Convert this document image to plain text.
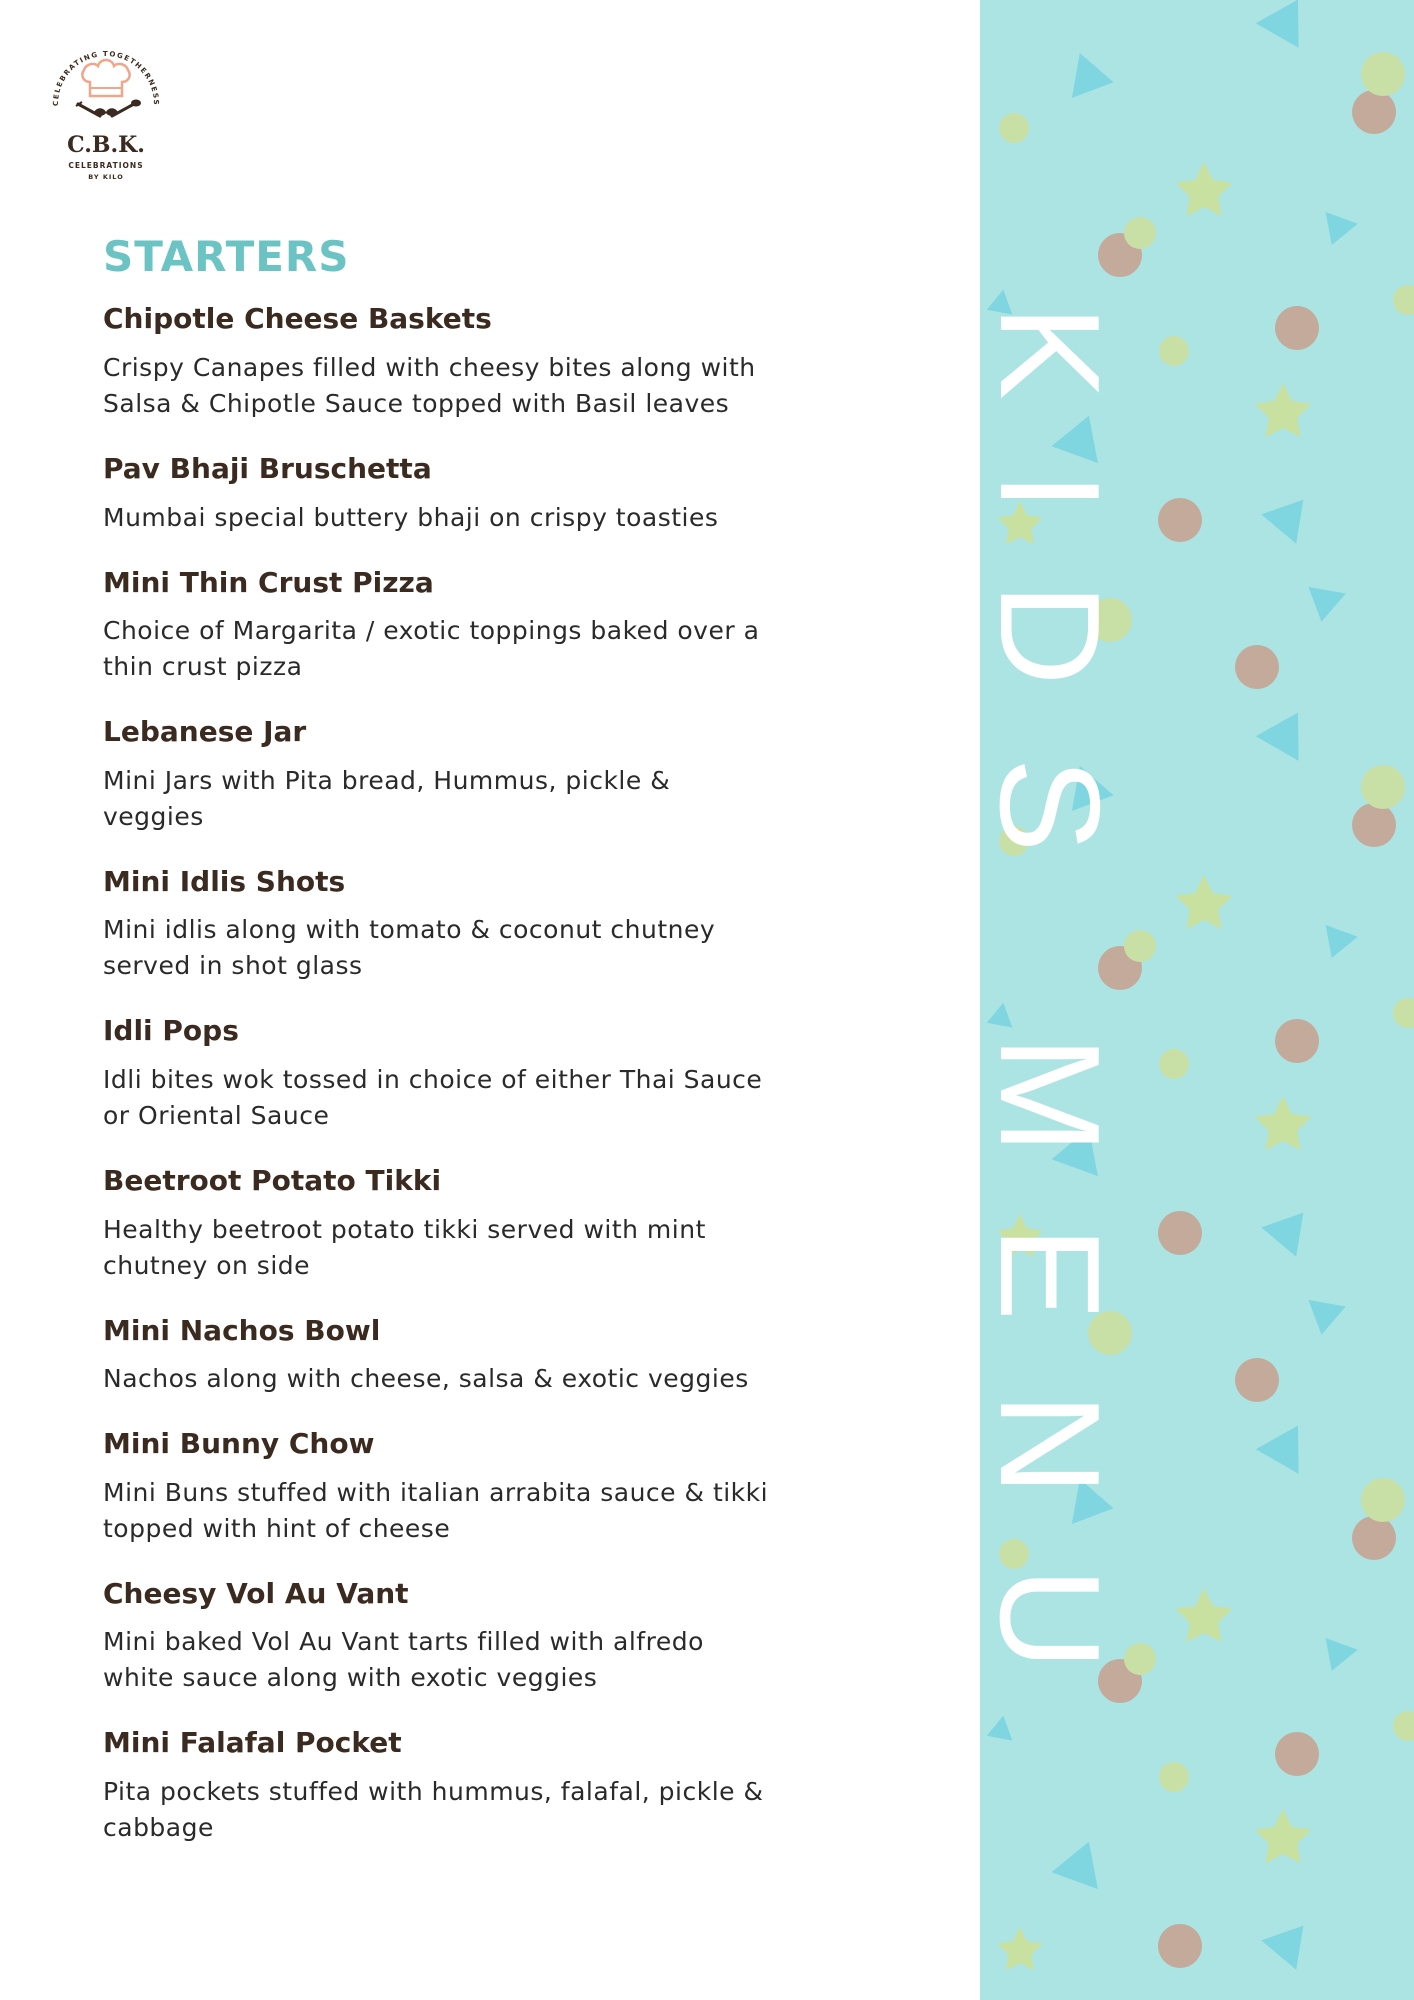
CELEBRATING TOGETHERNESS
C.B.K.
CELEBRATIONS
BY KILO
STARTERS
Chipotle Cheese Baskets

Crispy Canapes filled with cheesy bites along with
Salsa & Chipotle Sauce topped with Basil leaves

Pav Bhaji Bruschetta

Mumbai special buttery bhaji on crispy toasties

Mini Thin Crust Pizza

Choice of Margarita / exotic toppings baked over a
thin crust pizza

Lebanese Jar

Mini Jars with Pita bread, Hummus, pickle &
veggies

Mini Idlis Shots

Mini idlis along with tomato & coconut chutney
served in shot glass

Idli Pops

Idli bites wok tossed in choice of either Thai Sauce
or Oriental Sauce

Beetroot Potato Tikki

Healthy beetroot potato tikki served with mint
chutney on side

Mini Nachos Bowl

Nachos along with cheese, salsa & exotic veggies

Mini Bunny Chow

Mini Buns stuffed with italian arrabita sauce & tikki
topped with hint of cheese

Cheesy Vol Au Vant

Mini baked Vol Au Vant tarts filled with alfredo
white sauce along with exotic veggies

Mini Falafal Pocket

Pita pockets stuffed with hummus, falafal, pickle &
cabbage

KIDS MENU
